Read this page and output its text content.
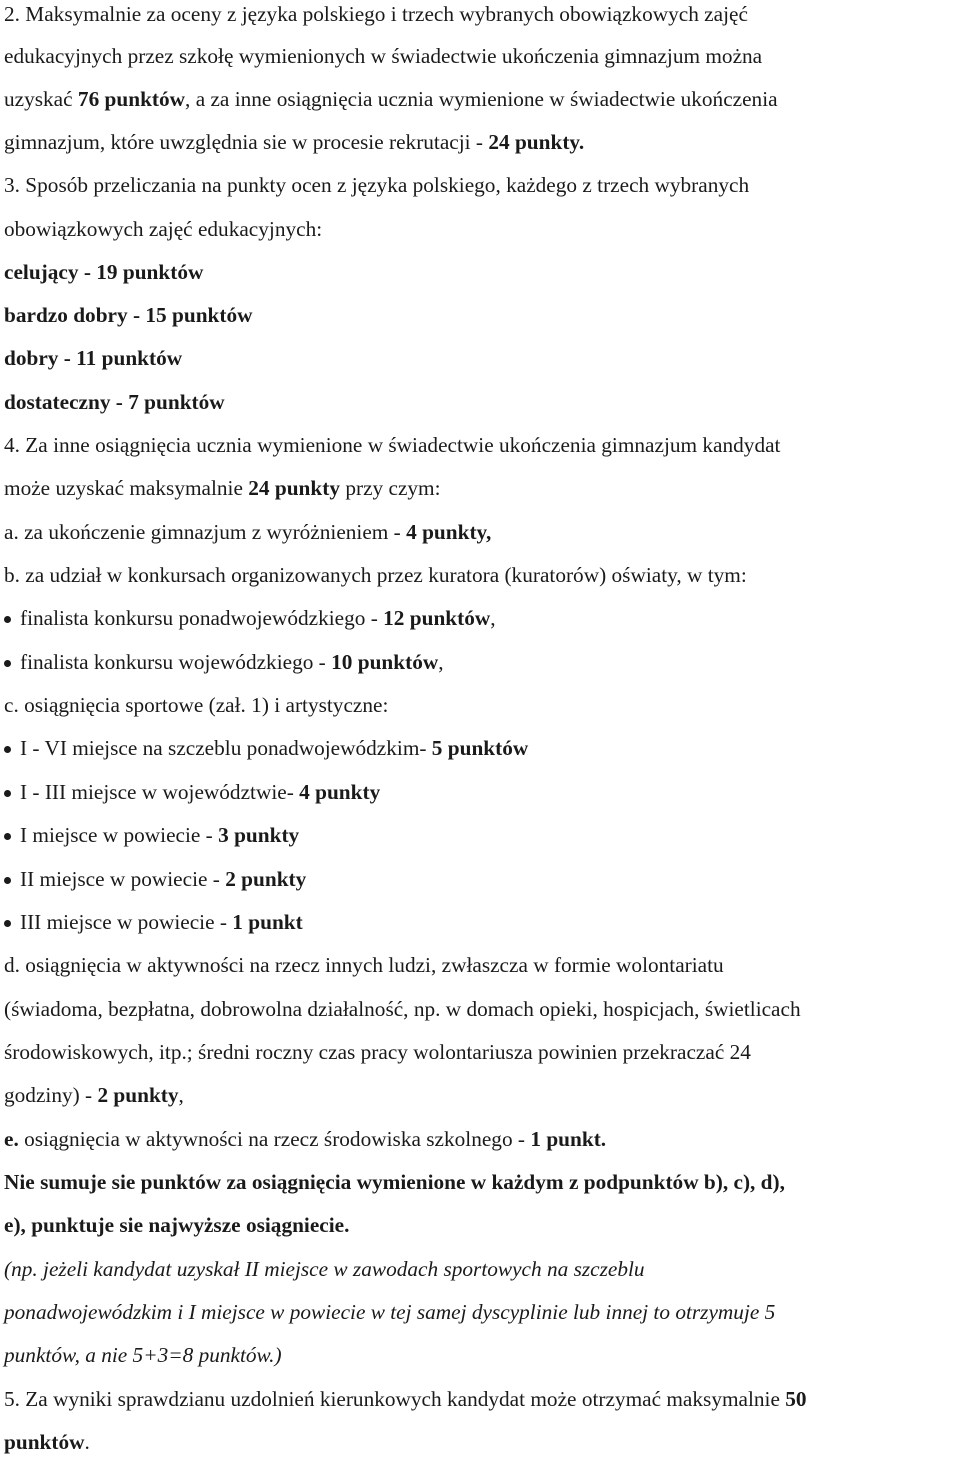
2. Maksymalnie za oceny z języka polskiego i trzech wybranych obowiązkowych zajęć
edukacyjnych przez szkołę wymienionych w świadectwie ukończenia gimnazjum można
uzyskać 76 punktów, a za inne osiągnięcia ucznia wymienione w świadectwie ukończenia
gimnazjum, które uwzględnia sie w procesie rekrutacji - 24 punkty.
3. Sposób przeliczania na punkty ocen z języka polskiego, każdego z trzech wybranych
obowiązkowych zajęć edukacyjnych:
celujący - 19 punktów
bardzo dobry - 15 punktów
dobry - 11 punktów
dostateczny - 7 punktów
4. Za inne osiągnięcia ucznia wymienione w świadectwie ukończenia gimnazjum kandydat
może uzyskać maksymalnie 24 punkty przy czym:
a. za ukończenie gimnazjum z wyróżnieniem - 4 punkty,
b. za udział w konkursach organizowanych przez kuratora (kuratorów) oświaty, w tym:
finalista konkursu ponadwojewódzkiego - 12 punktów,
finalista konkursu wojewódzkiego - 10 punktów,
c. osiągnięcia sportowe (zał. 1) i artystyczne:
I - VI miejsce na szczeblu ponadwojewódzkim- 5 punktów
I - III miejsce w województwie- 4 punkty
I miejsce w powiecie - 3 punkty
II miejsce w powiecie - 2 punkty
III miejsce w powiecie - 1 punkt
d. osiągnięcia w aktywności na rzecz innych ludzi, zwłaszcza w formie wolontariatu
(świadoma, bezpłatna, dobrowolna działalność, np. w domach opieki, hospicjach, świetlicach
środowiskowych, itp.; średni roczny czas pracy wolontariusza powinien przekraczać 24
godziny) - 2 punkty,
e. osiągnięcia w aktywności na rzecz środowiska szkolnego - 1 punkt.
Nie sumuje sie punktów za osiągnięcia wymienione w każdym z podpunktów b), c), d),
e), punktuje sie najwyższe osiągniecie.
(np. jeżeli kandydat uzyskał II miejsce w zawodach sportowych na szczeblu
ponadwojewódzkim i I miejsce w powiecie w tej samej dyscyplinie lub innej to otrzymuje 5
punktów, a nie 5+3=8 punktów.)
5. Za wyniki sprawdzianu uzdolnień kierunkowych kandydat może otrzymać maksymalnie 50
punktów.
